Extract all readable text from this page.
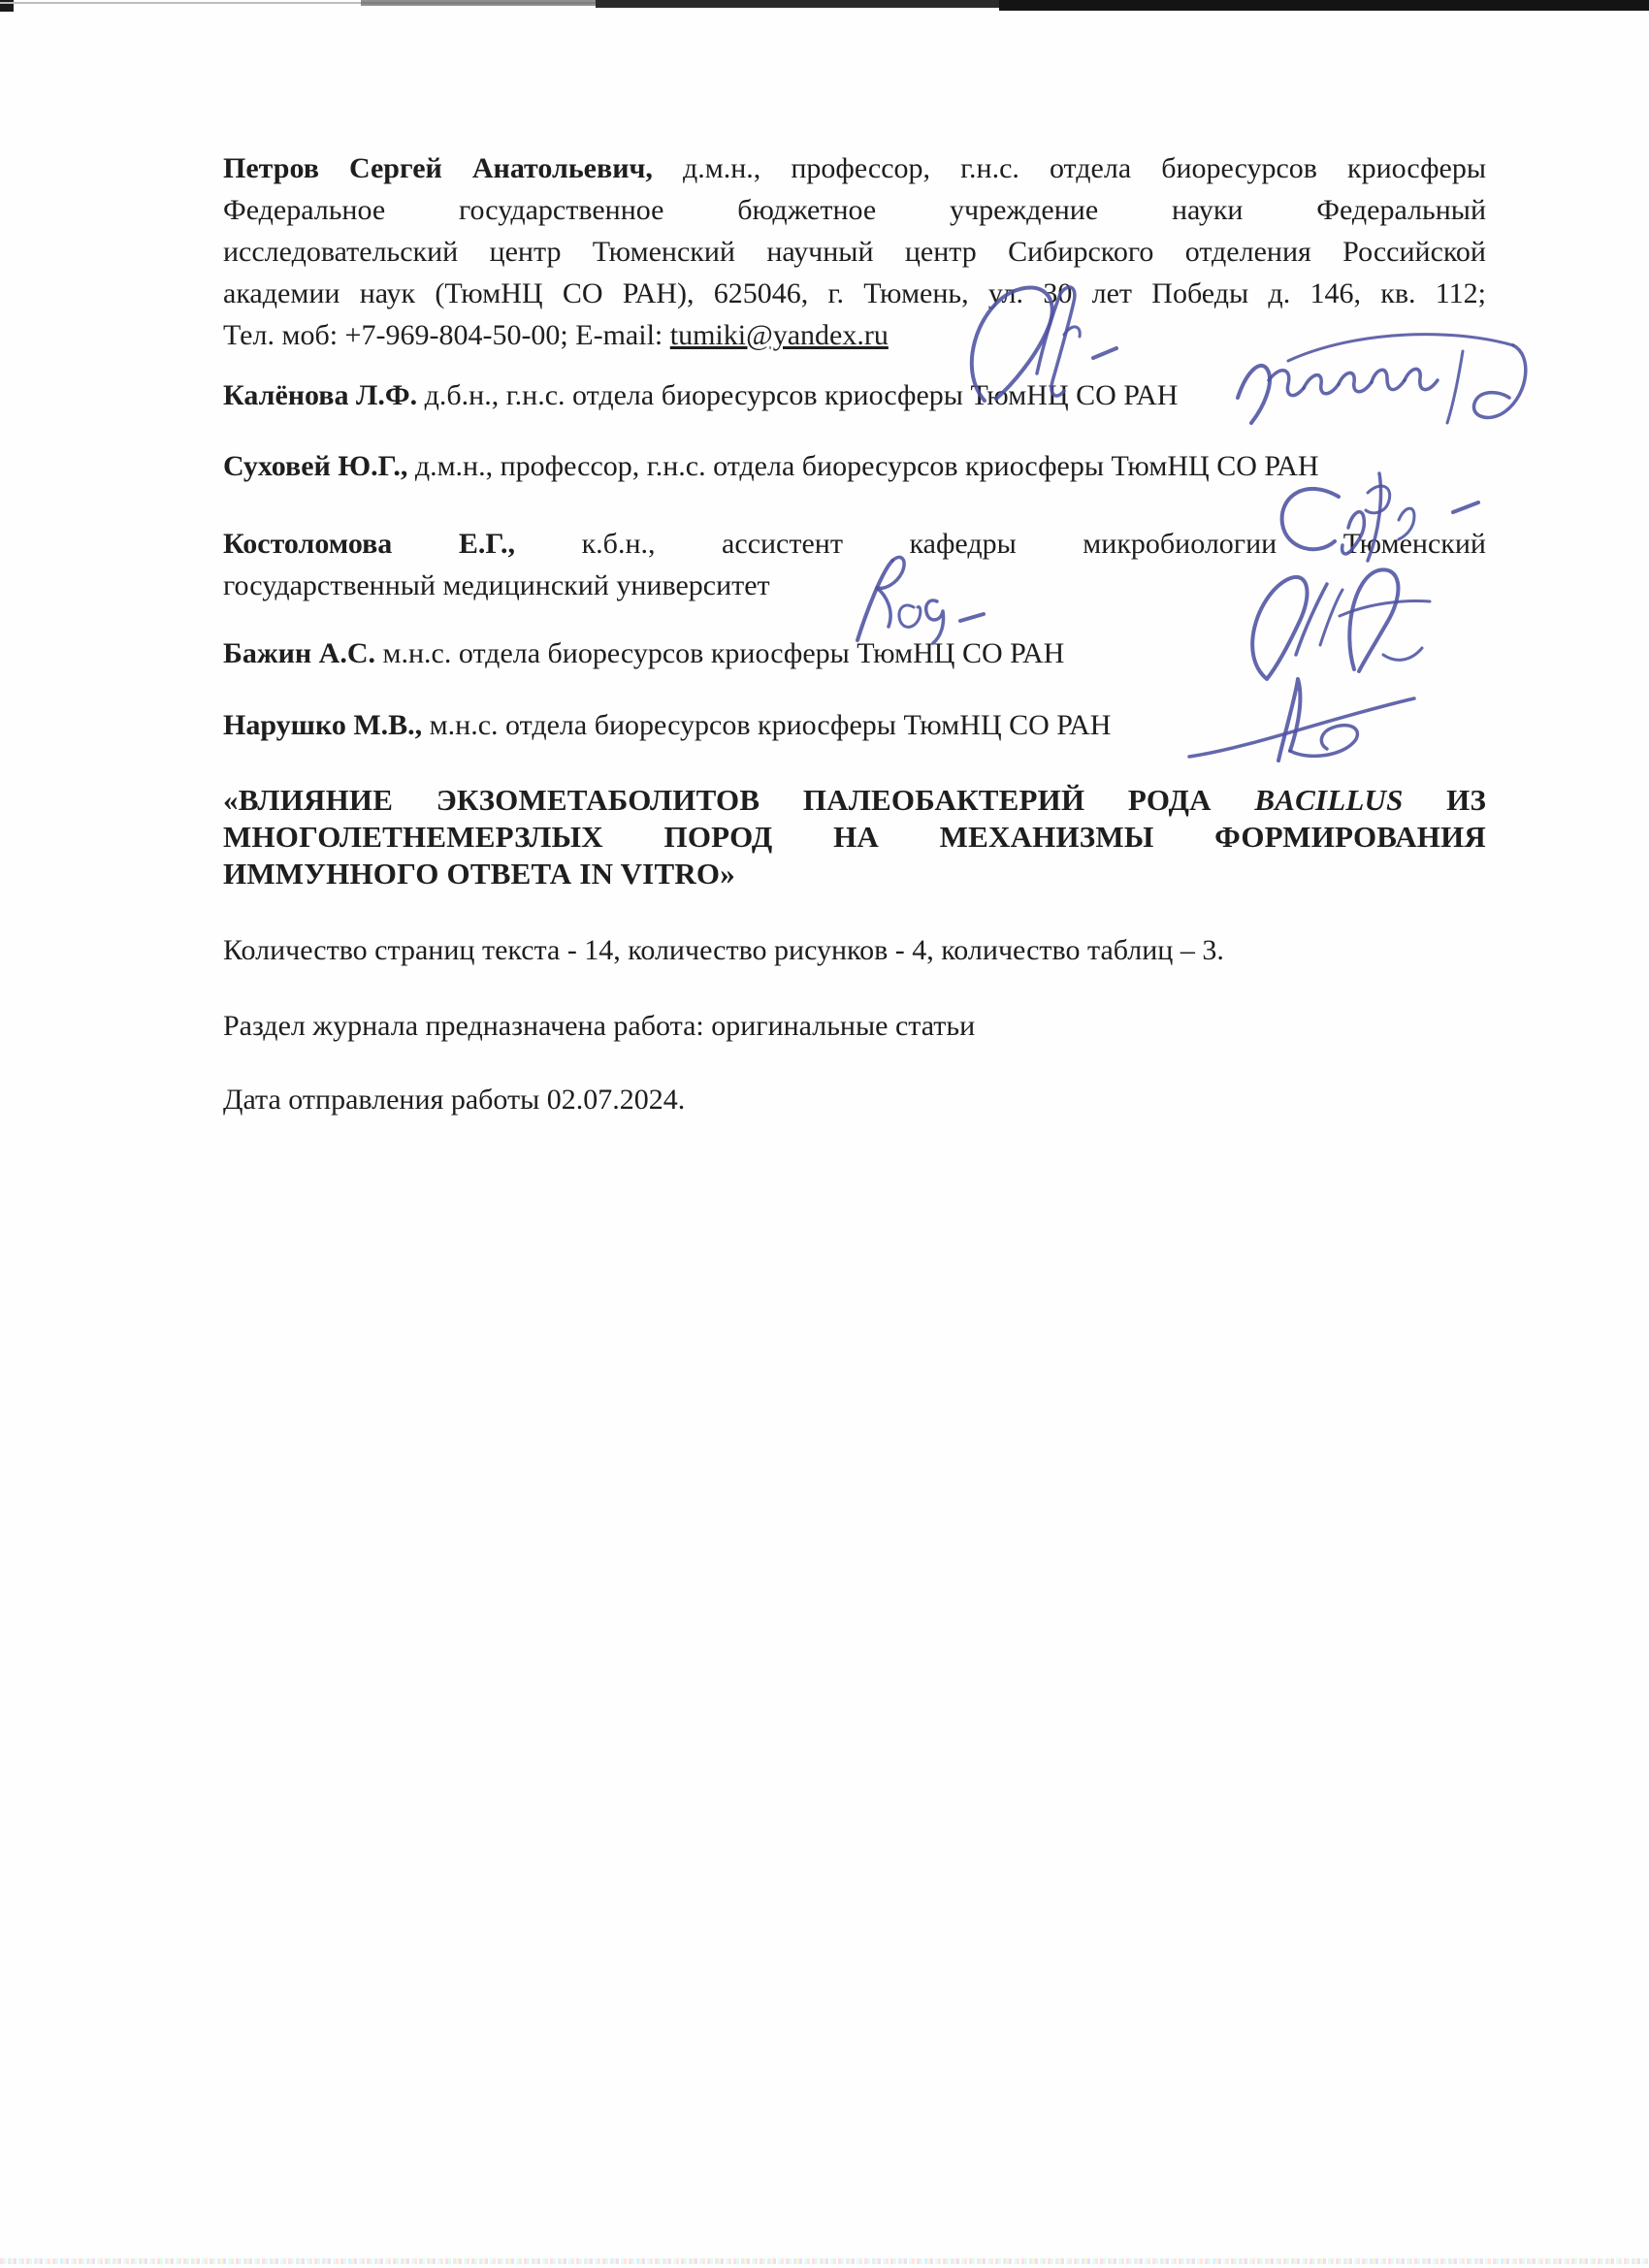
Петров Сергей Анатольевич, д.м.н., профессор, г.н.с. отдела биоресурсов криосферы
Федеральное государственное бюджетное учреждение науки Федеральный
исследовательский центр Тюменский научный центр Сибирского отделения Российской
академии наук (ТюмНЦ СО РАН), 625046, г. Тюмень, ул. 30 лет Победы д. 146, кв. 112;
Тел. моб: +7-969-804-50-00; E-mail: tumiki@yandex.ru
Калёнова Л.Ф. д.б.н., г.н.с. отдела биоресурсов криосферы ТюмНЦ СО РАН
Суховей Ю.Г., д.м.н., профессор, г.н.с. отдела биоресурсов криосферы ТюмНЦ СО РАН
Костоломова Е.Г., к.б.н., ассистент кафедры микробиологии Тюменский
государственный медицинский университет
Бажин А.С. м.н.с. отдела биоресурсов криосферы ТюмНЦ СО РАН
Нарушко М.В., м.н.с. отдела биоресурсов криосферы ТюмНЦ СО РАН
«ВЛИЯНИЕ ЭКЗОМЕТАБОЛИТОВ ПАЛЕОБАКТЕРИЙ РОДА BACILLUS ИЗ
МНОГОЛЕТНЕМЕРЗЛЫХ ПОРОД НА МЕХАНИЗМЫ ФОРМИРОВАНИЯ
ИММУННОГО ОТВЕТА IN VITRO»
Количество страниц текста - 14, количество рисунков - 4, количество таблиц – 3.
Раздел журнала предназначена работа: оригинальные статьи
Дата отправления работы 02.07.2024.
